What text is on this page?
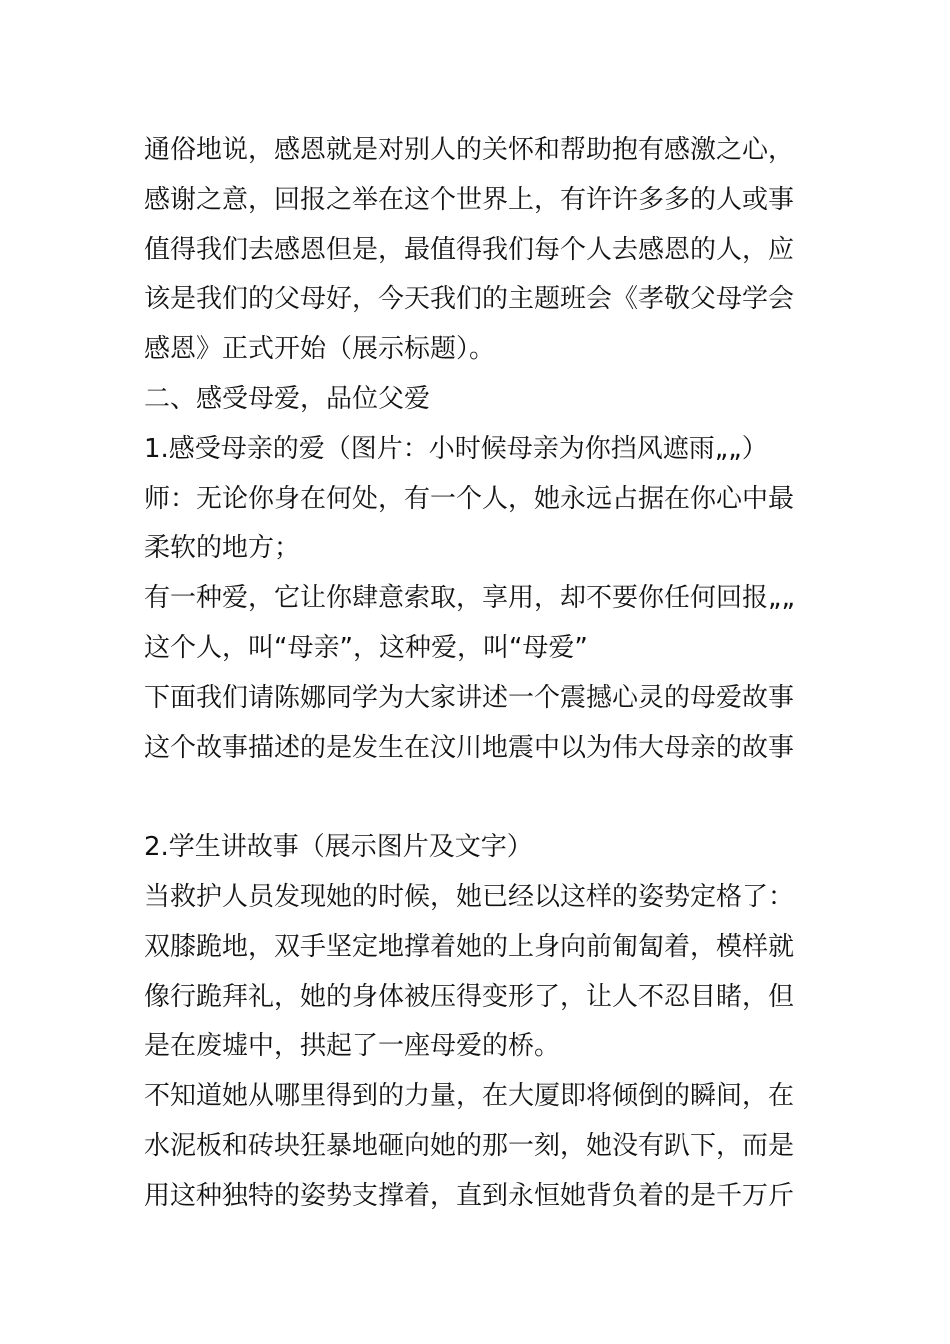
通俗地说，感恩就是对别人的关怀和帮助抱有感激之心，
感谢之意，回报之举在这个世界上，有许许多多的人或事
值得我们去感恩但是，最值得我们每个人去感恩的人，应
该是我们的父母好，今天我们的主题班会《孝敬父母学会
感恩》正式开始（展示标题）。
二、感受母爱，品位父爱
1.感受母亲的爱（图片：小时候母亲为你挡风遮雨„„）
师：无论你身在何处，有一个人，她永远占据在你心中最
柔软的地方；
有一种爱，它让你肆意索取，享用，却不要你任何回报„„
这个人，叫“母亲”，这种爱，叫“母爱”
下面我们请陈娜同学为大家讲述一个震撼心灵的母爱故事
这个故事描述的是发生在汶川地震中以为伟大母亲的故事
2.学生讲故事（展示图片及文字）
当救护人员发现她的时候，她已经以这样的姿势定格了：
双膝跪地，双手坚定地撑着她的上身向前匍匐着，模样就
像行跪拜礼，她的身体被压得变形了，让人不忍目睹，但
是在废墟中，拱起了一座母爱的桥。
不知道她从哪里得到的力量，在大厦即将倾倒的瞬间，在
水泥板和砖块狂暴地砸向她的那一刻，她没有趴下，而是
用这种独特的姿势支撑着，直到永恒她背负着的是千万斤
